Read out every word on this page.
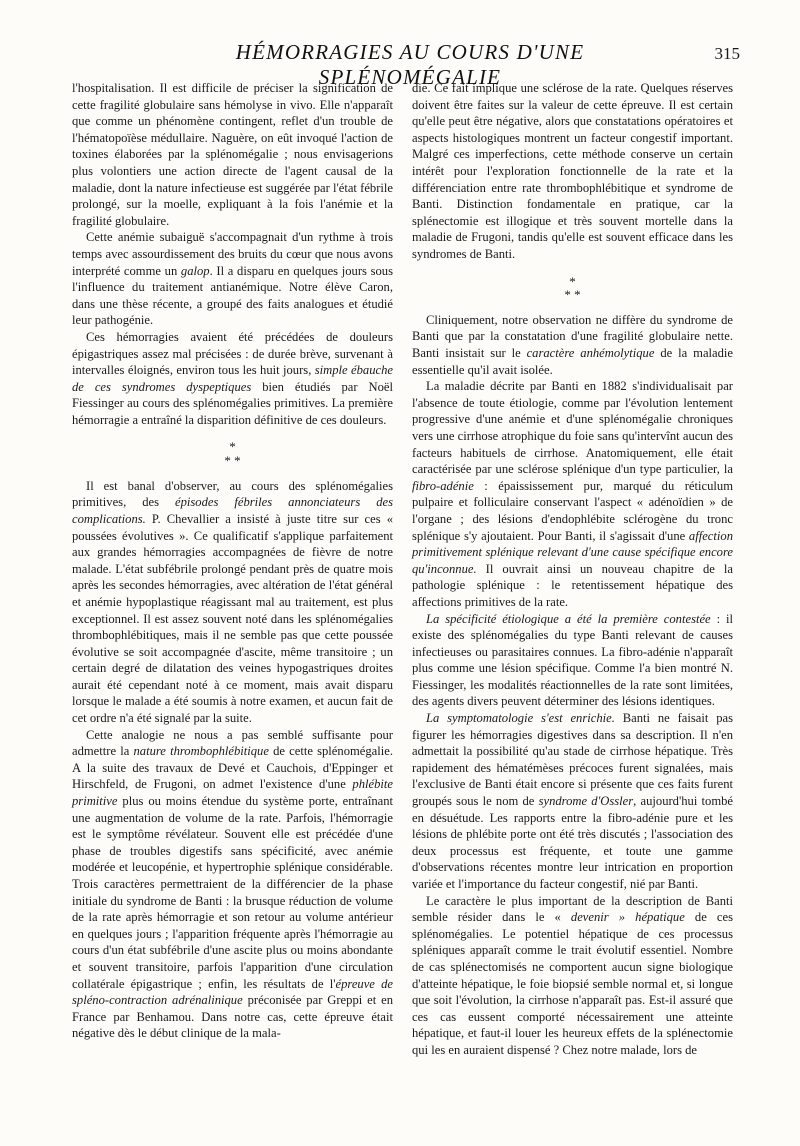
HÉMORRAGIES AU COURS D'UNE SPLÉNOMÉGALIE
315

l'hospitalisation. Il est difficile de préciser la signification de cette fragilité globulaire sans hémolyse in vivo. Elle n'apparaît que comme un phénomène contingent, reflet d'un trouble de l'hématopoïèse médullaire. Naguère, on eût invoqué l'action de toxines élaborées par la splénomégalie ; nous envisagerions plus volontiers une action directe de l'agent causal de la maladie, dont la nature infectieuse est suggérée par l'état fébrile prolongé, sur la moelle, expliquant à la fois l'anémie et la fragilité globulaire.

Cette anémie subaiguë s'accompagnait d'un rythme à trois temps avec assourdissement des bruits du cœur que nous avons interprété comme un galop. Il a disparu en quelques jours sous l'influence du traitement antianémique. Notre élève Caron, dans une thèse récente, a groupé des faits analogues et étudié leur pathogénie.

Ces hémorragies avaient été précédées de douleurs épigastriques assez mal précisées : de durée brève, survenant à intervalles éloignés, environ tous les huit jours, simple ébauche de ces syndromes dyspeptiques bien étudiés par Noël Fiessinger au cours des splénomégalies primitives. La première hémorragie a entraîné la disparition définitive de ces douleurs.

*
* *

Il est banal d'observer, au cours des splénomégalies primitives, des épisodes fébriles annonciateurs des complications. P. Chevallier a insisté à juste titre sur ces « poussées évolutives ». Ce qualificatif s'applique parfaitement aux grandes hémorragies accompagnées de fièvre de notre malade. L'état subfébrile prolongé pendant près de quatre mois après les secondes hémorragies, avec altération de l'état général et anémie hypoplastique réagissant mal au traitement, est plus exceptionnel. Il est assez souvent noté dans les splénomégalies thrombophlébitiques, mais il ne semble pas que cette poussée évolutive se soit accompagnée d'ascite, même transitoire ; un certain degré de dilatation des veines hypogastriques droites aurait été cependant noté à ce moment, mais avait disparu lorsque le malade a été soumis à notre examen, et aucun fait de cet ordre n'a été signalé par la suite.

Cette analogie ne nous a pas semblé suffisante pour admettre la nature thrombophlébitique de cette splénomégalie. A la suite des travaux de Devé et Cauchois, d'Eppinger et Hirschfeld, de Frugoni, on admet l'existence d'une phlébite primitive plus ou moins étendue du système porte, entraînant une augmentation de volume de la rate. Parfois, l'hémorragie est le symptôme révélateur. Souvent elle est précédée d'une phase de troubles digestifs sans spécificité, avec anémie modérée et leucopénie, et hypertrophie splénique considérable. Trois caractères permettraient de la différencier de la phase initiale du syndrome de Banti : la brusque réduction de volume de la rate après hémorragie et son retour au volume antérieur en quelques jours ; l'apparition fréquente après l'hémorragie au cours d'un état subfébrile d'une ascite plus ou moins abondante et souvent transitoire, parfois l'apparition d'une circulation collatérale épigastrique ; enfin, les résultats de l'épreuve de spléno-contraction adrénalinique préconisée par Greppi et en France par Benhamou. Dans notre cas, cette épreuve était négative dès le début clinique de la mala-

die. Ce fait implique une sclérose de la rate. Quelques réserves doivent être faites sur la valeur de cette épreuve. Il est certain qu'elle peut être négative, alors que constatations opératoires et aspects histologiques montrent un facteur congestif important. Malgré ces imperfections, cette méthode conserve un certain intérêt pour l'exploration fonctionnelle de la rate et la différenciation entre rate thrombophlébitique et syndrome de Banti. Distinction fondamentale en pratique, car la splénectomie est illogique et très souvent mortelle dans la maladie de Frugoni, tandis qu'elle est souvent efficace dans les syndromes de Banti.

*
* *

Cliniquement, notre observation ne diffère du syndrome de Banti que par la constatation d'une fragilité globulaire nette. Banti insistait sur le caractère anhémolytique de la maladie essentielle qu'il avait isolée.

La maladie décrite par Banti en 1882 s'individualisait par l'absence de toute étiologie, comme par l'évolution lentement progressive d'une anémie et d'une splénomégalie chroniques vers une cirrhose atrophique du foie sans qu'intervînt aucun des facteurs habituels de cirrhose. Anatomiquement, elle était caractérisée par une sclérose splénique d'un type particulier, la fibro-adénie : épaississement pur, marqué du réticulum pulpaire et folliculaire conservant l'aspect « adénoïdien » de l'organe ; des lésions d'endophlébite sclérogène du tronc splénique s'y ajoutaient. Pour Banti, il s'agissait d'une affection primitivement splénique relevant d'une cause spécifique encore qu'inconnue. Il ouvrait ainsi un nouveau chapitre de la pathologie splénique : le retentissement hépatique des affections primitives de la rate.

La spécificité étiologique a été la première contestée : il existe des splénomégalies du type Banti relevant de causes infectieuses ou parasitaires connues. La fibro-adénie n'apparaît plus comme une lésion spécifique. Comme l'a bien montré N. Fiessinger, les modalités réactionnelles de la rate sont limitées, des agents divers peuvent déterminer des lésions identiques.

La symptomatologie s'est enrichie. Banti ne faisait pas figurer les hémorragies digestives dans sa description. Il n'en admettait la possibilité qu'au stade de cirrhose hépatique. Très rapidement des hématémèses précoces furent signalées, mais l'exclusive de Banti était encore si présente que ces faits furent groupés sous le nom de syndrome d'Ossler, aujourd'hui tombé en désuétude. Les rapports entre la fibro-adénie pure et les lésions de phlébite porte ont été très discutés ; l'association des deux processus est fréquente, et toute une gamme d'observations récentes montre leur intrication en proportion variée et l'importance du facteur congestif, nié par Banti.

Le caractère le plus important de la description de Banti semble résider dans le « devenir » hépatique de ces splénomégalies. Le potentiel hépatique de ces processus spléniques apparaît comme le trait évolutif essentiel. Nombre de cas splénectomisés ne comportent aucun signe biologique d'atteinte hépatique, le foie biopsié semble normal et, si longue que soit l'évolution, la cirrhose n'apparaît pas. Est-il assuré que ces cas eussent comporté nécessairement une atteinte hépatique, et faut-il louer les heureux effets de la splénectomie qui les en auraient dispensé ? Chez notre malade, lors de
